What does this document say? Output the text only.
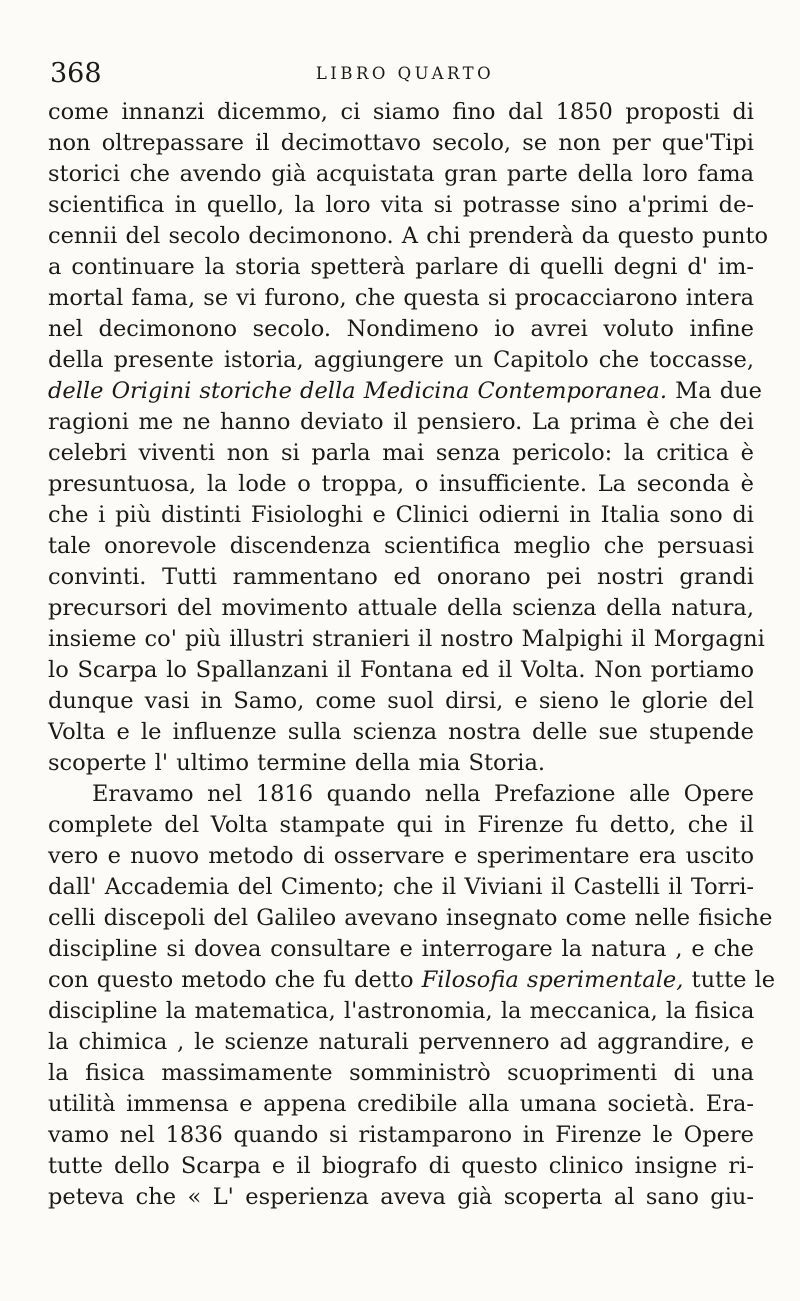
368	LIBRO QUARTO
come innanzi dicemmo, ci siamo fino dal 1850 proposti di
non oltrepassare il decimottavo secolo, se non per que'Tipi
storici che avendo già acquistata gran parte della loro fama
scientifica in quello, la loro vita si potrasse sino a'primi de-
cennii del secolo decimonono. A chi prenderà da questo punto
a continuare la storia spetterà parlare di quelli degni d' im-
mortal fama, se vi furono, che questa si procacciarono intera
nel decimonono secolo. Nondimeno io avrei voluto infine
della presente istoria, aggiungere un Capitolo che toccasse,
delle Origini storiche della Medicina Contemporanea. Ma due
ragioni me ne hanno deviato il pensiero. La prima è che dei
celebri viventi non si parla mai senza pericolo: la critica è
presuntuosa, la lode o troppa, o insufficiente. La seconda è
che i più distinti Fisiologhi e Clinici odierni in Italia sono di
tale onorevole discendenza scientifica meglio che persuasi
convinti. Tutti rammentano ed onorano pei nostri grandi
precursori del movimento attuale della scienza della natura,
insieme co' più illustri stranieri il nostro Malpighi il Morgagni
lo Scarpa lo Spallanzani il Fontana ed il Volta. Non portiamo
dunque vasi in Samo, come suol dirsi, e sieno le glorie del
Volta e le influenze sulla scienza nostra delle sue stupende
scoperte l' ultimo termine della mia Storia.
Eravamo nel 1816 quando nella Prefazione alle Opere
complete del Volta stampate qui in Firenze fu detto, che il
vero e nuovo metodo di osservare e sperimentare era uscito
dall' Accademia del Cimento; che il Viviani il Castelli il Torri-
celli discepoli del Galileo avevano insegnato come nelle fisiche
discipline si dovea consultare e interrogare la natura , e che
con questo metodo che fu detto Filosofia sperimentale, tutte le
discipline la matematica, l'astronomia, la meccanica, la fisica
la chimica , le scienze naturali pervennero ad aggrandire, e
la fisica massimamente somministrò scuoprimenti di una
utilità immensa e appena credibile alla umana società. Era-
vamo nel 1836 quando si ristamparono in Firenze le Opere
tutte dello Scarpa e il biografo di questo clinico insigne ri-
peteva che « L' esperienza aveva già scoperta al sano giu-
